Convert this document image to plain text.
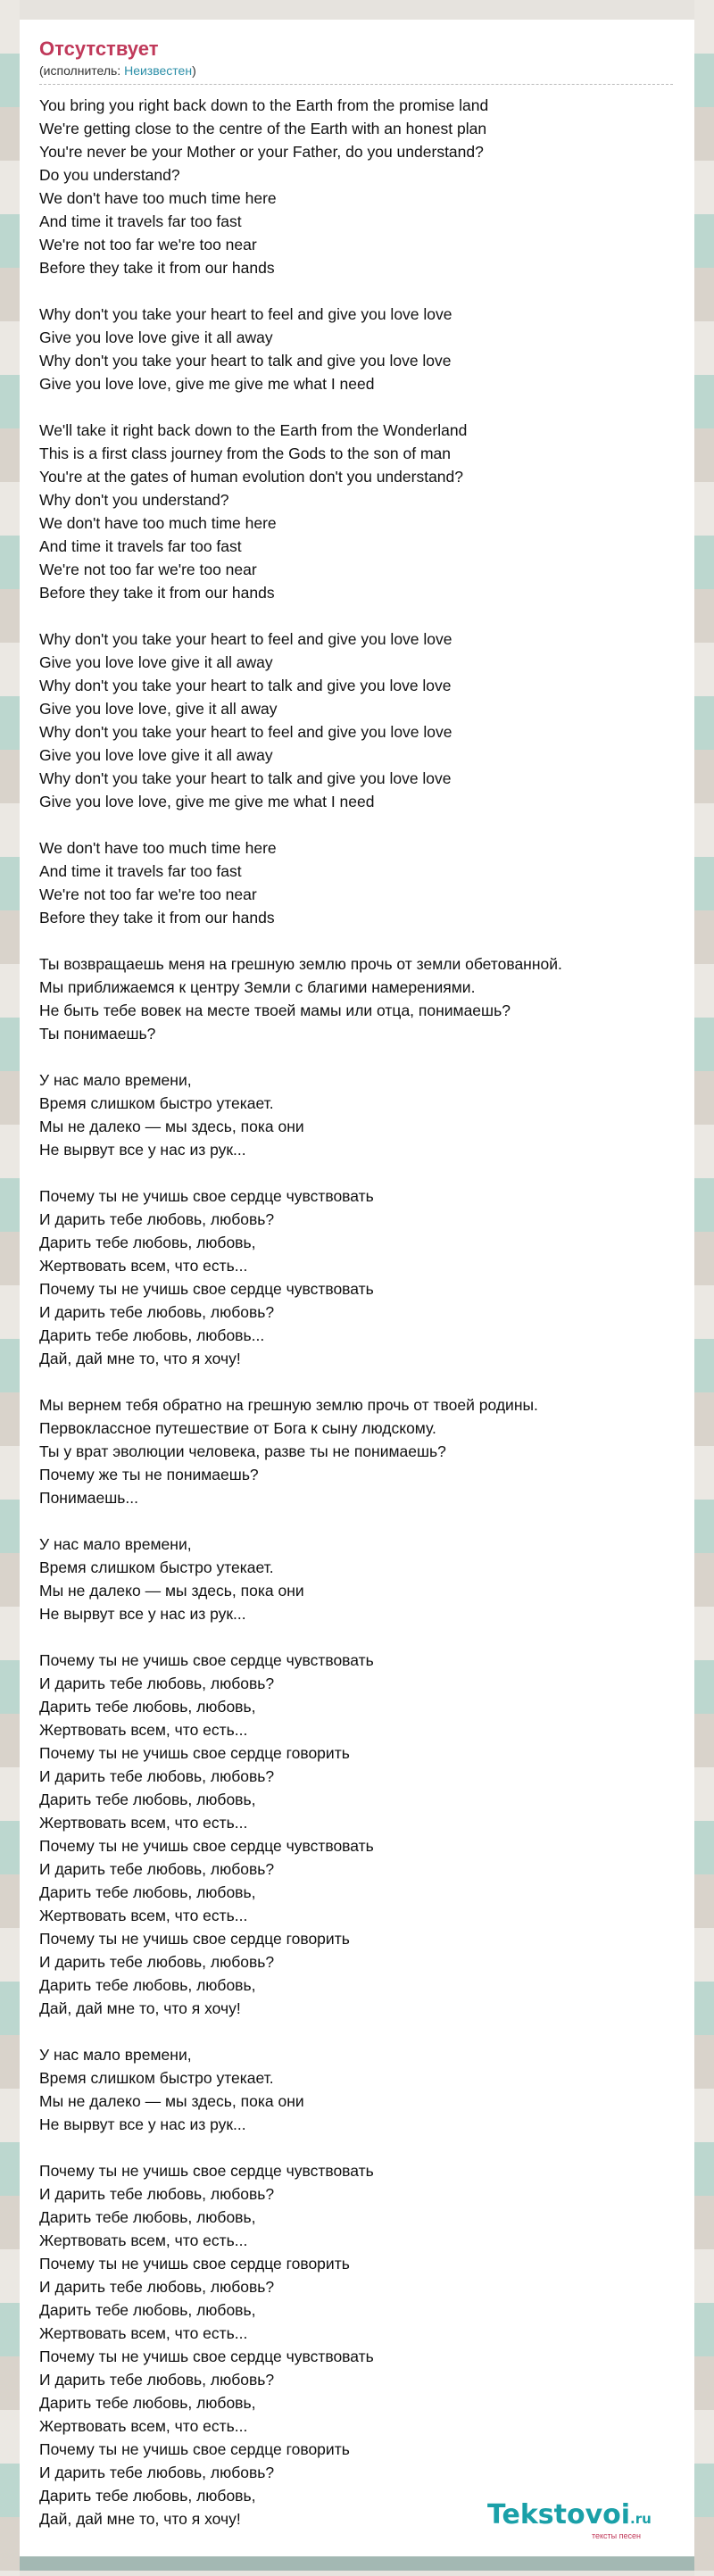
Отсутствует
(исполнитель: Неизвестен)
You bring you right back down to the Earth from the promise land
We're getting close to the centre of the Earth with an honest plan
You're never be your Mother or your Father, do you understand?
Do you understand?
We don't have too much time here
And time it travels far too fast
We're not too far we're too near
Before they take it from our hands
Why don't you take your heart to feel and give you love love
Give you love love give it all away
Why don't you take your heart to talk and give you love love
Give you love love, give me give me what I need
We'll take it right back down to the Earth from the Wonderland
This is a first class journey from the Gods to the son of man
You're at the gates of human evolution don't you understand?
Why don't you understand?
We don't have too much time here
And time it travels far too fast
We're not too far we're too near
Before they take it from our hands
Why don't you take your heart to feel and give you love love
Give you love love give it all away
Why don't you take your heart to talk and give you love love
Give you love love, give it all away
Why don't you take your heart to feel and give you love love
Give you love love give it all away
Why don't you take your heart to talk and give you love love
Give you love love, give me give me what I need
We don't have too much time here
And time it travels far too fast
We're not too far we're too near
Before they take it from our hands
Ты возвращаешь меня на грешную землю прочь от земли обетованной.
Мы приближаемся к центру Земли с благими намерениями.
Не быть тебе вовек на месте твоей мамы или отца, понимаешь?
Ты понимаешь?
У нас мало времени,
Время слишком быстро утекает.
Мы не далеко — мы здесь, пока они
Не вырвут все у нас из рук...
Почему ты не учишь свое сердце чувствовать
И дарить тебе любовь, любовь?
Дарить тебе любовь, любовь,
Жертвовать всем, что есть...
Почему ты не учишь свое сердце чувствовать
И дарить тебе любовь, любовь?
Дарить тебе любовь, любовь...
Дай, дай мне то, что я хочу!
Мы вернем тебя обратно на грешную землю прочь от твоей родины.
Первоклассное путешествие от Бога к сыну людскому.
Ты у врат эволюции человека, разве ты не понимаешь?
Почему же ты не понимаешь?
Понимаешь...
У нас мало времени,
Время слишком быстро утекает.
Мы не далеко — мы здесь, пока они
Не вырвут все у нас из рук...
Почему ты не учишь свое сердце чувствовать
И дарить тебе любовь, любовь?
Дарить тебе любовь, любовь,
Жертвовать всем, что есть...
Почему ты не учишь свое сердце говорить
И дарить тебе любовь, любовь?
Дарить тебе любовь, любовь,
Жертвовать всем, что есть...
Почему ты не учишь свое сердце чувствовать
И дарить тебе любовь, любовь?
Дарить тебе любовь, любовь,
Жертвовать всем, что есть...
Почему ты не учишь свое сердце говорить
И дарить тебе любовь, любовь?
Дарить тебе любовь, любовь,
Дай, дай мне то, что я хочу!
У нас мало времени,
Время слишком быстро утекает.
Мы не далеко — мы здесь, пока они
Не вырвут все у нас из рук...
Почему ты не учишь свое сердце чувствовать
И дарить тебе любовь, любовь?
Дарить тебе любовь, любовь,
Жертвовать всем, что есть...
Почему ты не учишь свое сердце говорить
И дарить тебе любовь, любовь?
Дарить тебе любовь, любовь,
Жертвовать всем, что есть...
Почему ты не учишь свое сердце чувствовать
И дарить тебе любовь, любовь?
Дарить тебе любовь, любовь,
Жертвовать всем, что есть...
Почему ты не учишь свое сердце говорить
И дарить тебе любовь, любовь?
Дарить тебе любовь, любовь,
Дай, дай мне то, что я хочу!	Tekstovoi.ru
тексты песен
